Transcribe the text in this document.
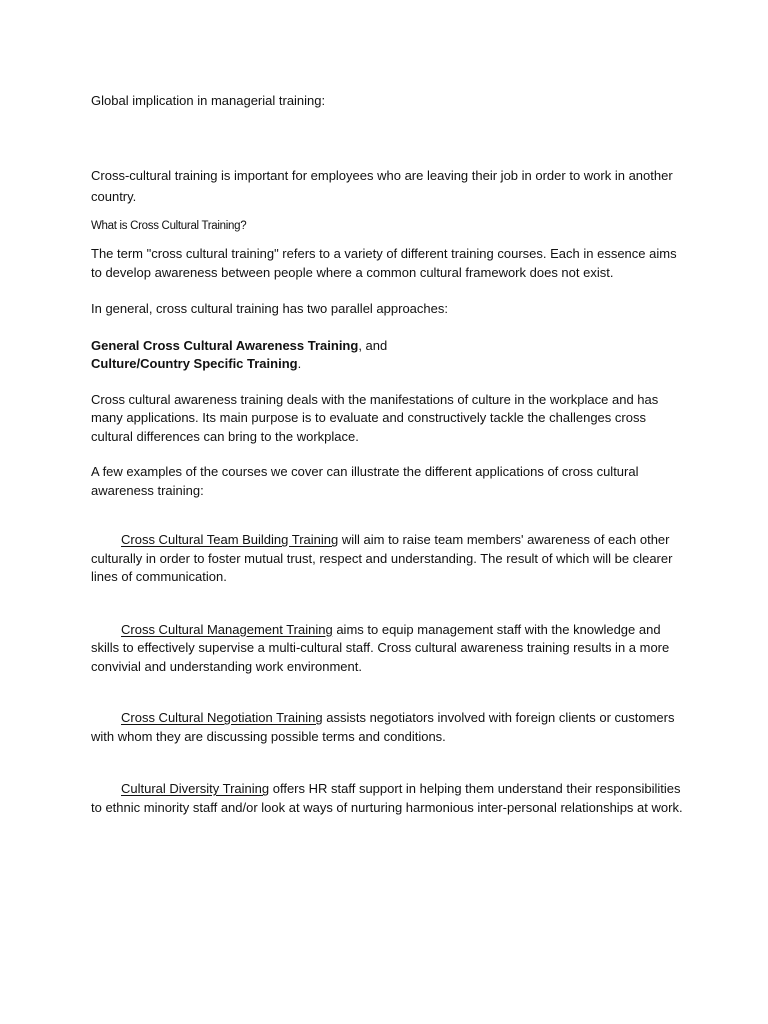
Global implication in managerial training:

Cross-cultural training is important for employees who are leaving their job in order to work in another country.

What is Cross Cultural Training?

The term "cross cultural training" refers to a variety of different training courses. Each in essence aims to develop awareness between people where a common cultural framework does not exist.

In general, cross cultural training has two parallel approaches:

General Cross Cultural Awareness Training, and
Culture/Country Specific Training.

Cross cultural awareness training deals with the manifestations of culture in the workplace and has many applications. Its main purpose is to evaluate and constructively tackle the challenges cross cultural differences can bring to the workplace.

A few examples of the courses we cover can illustrate the different applications of cross cultural awareness training:

Cross Cultural Team Building Training will aim to raise team members' awareness of each other culturally in order to foster mutual trust, respect and understanding. The result of which will be clearer lines of communication.

Cross Cultural Management Training aims to equip management staff with the knowledge and skills to effectively supervise a multi-cultural staff. Cross cultural awareness training results in a more convivial and understanding work environment.

Cross Cultural Negotiation Training assists negotiators involved with foreign clients or customers with whom they are discussing possible terms and conditions.

Cultural Diversity Training offers HR staff support in helping them understand their responsibilities to ethnic minority staff and/or look at ways of nurturing harmonious inter-personal relationships at work.
